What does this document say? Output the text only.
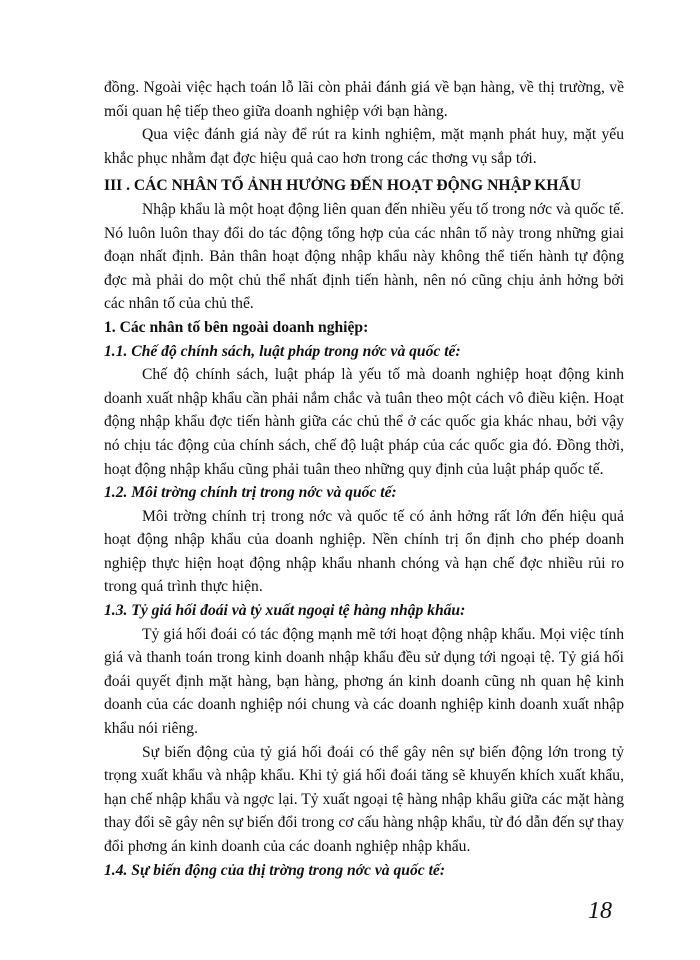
đồng. Ngoài việc hạch toán lỗ lãi còn phải đánh giá về bạn hàng, về thị trường, về mối quan hệ tiếp theo giữa doanh nghiệp với bạn hàng.

Qua việc đánh giá này để rút ra kinh nghiệm, mặt mạnh phát huy, mặt yếu khắc phục nhằm đạt đợc hiệu quả cao hơn trong các thơng vụ sắp tới.

III . CÁC NHÂN TỐ ẢNH HƯỞNG ĐẾN HOẠT ĐỘNG NHẬP KHẨU

Nhập khẩu là một hoạt động liên quan đến nhiều yếu tố trong nớc và quốc tế. Nó luôn luôn thay đổi do tác động tổng hợp của các nhân tố này trong những giai đoạn nhất định. Bản thân hoạt động nhập khẩu này không thể tiến hành tự động đợc mà phải do một chủ thể nhất định tiến hành, nên nó cũng chịu ảnh hởng bởi các nhân tố của chủ thể.

1. Các nhân tố bên ngoài doanh nghiệp:

1.1. Chế độ chính sách, luật pháp trong nớc và quốc tế:

Chế độ chính sách, luật pháp là yếu tố mà doanh nghiệp hoạt động kinh doanh xuất nhập khẩu cần phải nắm chắc và tuân theo một cách vô điều kiện. Hoạt động nhập khẩu đợc tiến hành giữa các chủ thể ở các quốc gia khác nhau, bởi vậy nó chịu tác động của chính sách, chế độ luật pháp của các quốc gia đó. Đồng thời, hoạt động nhập khẩu cũng phải tuân theo những quy định của luật pháp quốc tế.

1.2. Môi trờng chính trị trong nớc và quốc tế:

Môi trờng chính trị trong nớc và quốc tế có ảnh hởng rất lớn đến hiệu quả hoạt động nhập khẩu của doanh nghiệp. Nền chính trị ổn định cho phép doanh nghiệp thực hiện hoạt động nhập khẩu nhanh chóng và hạn chế đợc nhiều rủi ro trong quá trình thực hiện.

1.3. Tỷ giá hối đoái và tỷ xuất ngoại tệ hàng nhập khẩu:

Tỷ giá hối đoái có tác động mạnh mẽ tới hoạt động nhập khẩu. Mọi việc tính giá và thanh toán trong kinh doanh nhập khẩu đều sử dụng tới ngoại tệ. Tỷ giá hối đoái quyết định mặt hàng, bạn hàng, phơng án kinh doanh cũng nh quan hệ kinh doanh của các doanh nghiệp nói chung và các doanh nghiệp kinh doanh xuất nhập khẩu nói riêng.

Sự biến động của tỷ giá hối đoái có thể gây nên sự biến động lớn trong tỷ trọng xuất khẩu và nhập khẩu. Khi tỷ giá hối đoái tăng sẽ khuyến khích xuất khẩu, hạn chế nhập khẩu và ngợc lại. Tỷ xuất ngoại tệ hàng nhập khẩu giữa các mặt hàng thay đổi sẽ gây nên sự biến đổi trong cơ cấu hàng nhập khẩu, từ đó dẫn đến sự thay đổi phơng án kinh doanh của các doanh nghiệp nhập khẩu.

1.4. Sự biến động của thị trờng trong nớc và quốc tế:

18
